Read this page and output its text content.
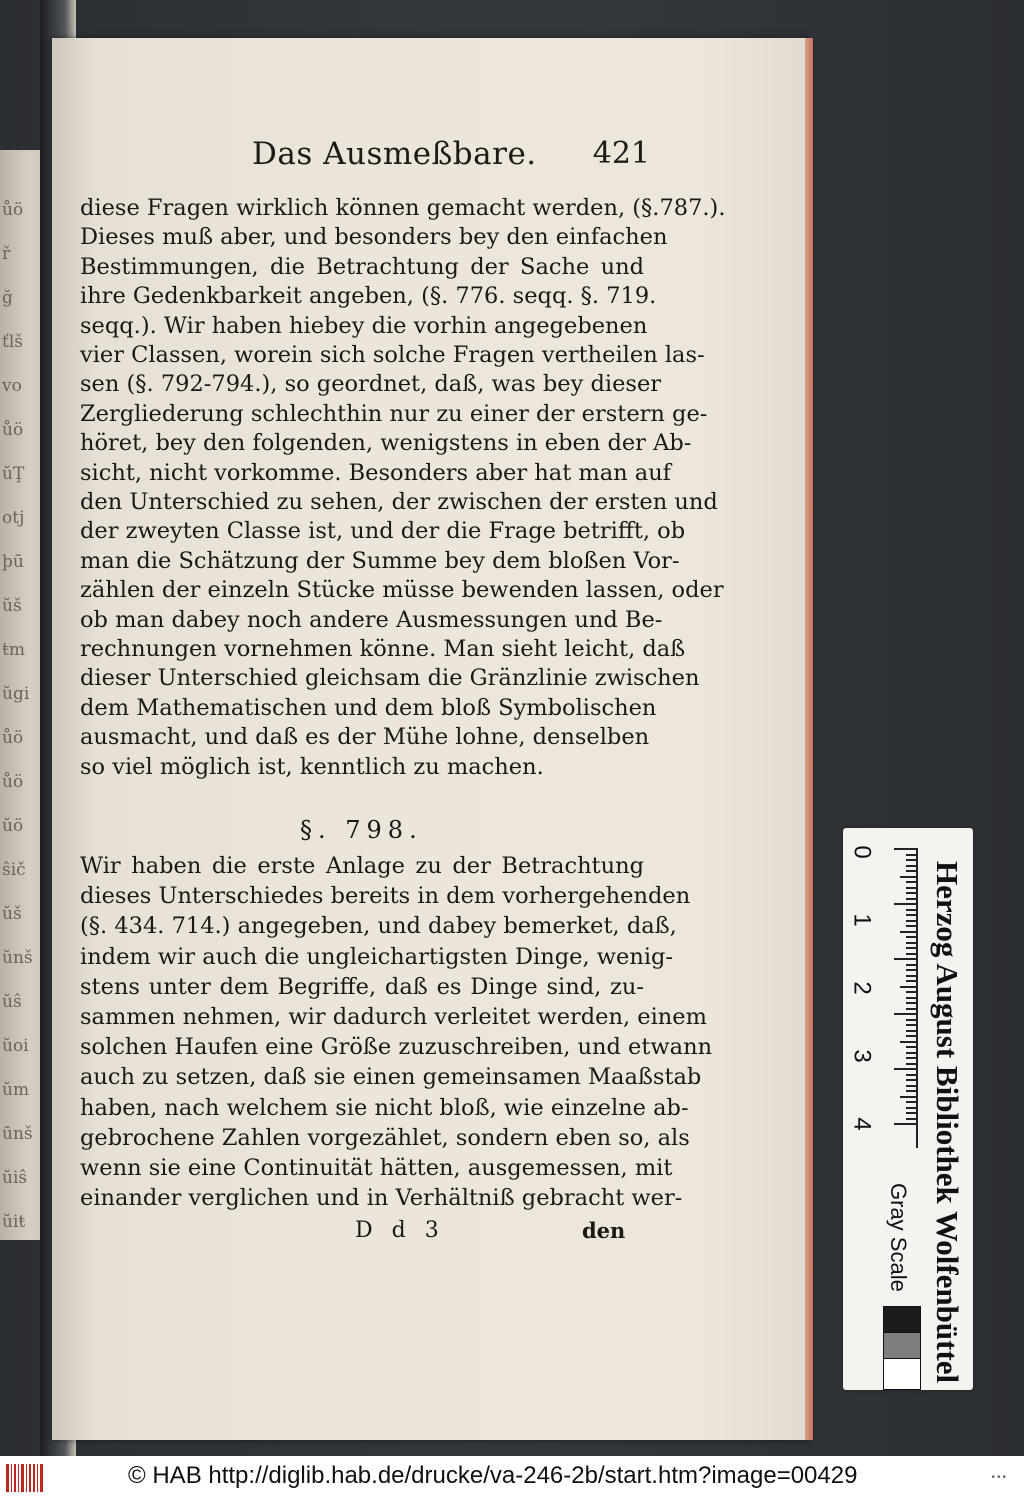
ůö
ř
ğ
ťlš
vo
ůö
ŭŢ
otj
þū
ŭš
ŧm
ŭgi
ůö
ůö
ŭö
ŝič
ŭš
ŭnš
ŭŝ
ŭoi
ŭm
ūnš
ŭiŝ
ŭiŧ
Das Ausmeßbare. 421
diese Fragen wirklich können gemacht werden, (§.787.).
Dieses muß aber, und besonders bey den einfachen
Bestimmungen, die Betrachtung der Sache und
ihre Gedenkbarkeit angeben, (§. 776. seqq. §. 719.
seqq.). Wir haben hiebey die vorhin angegebenen
vier Classen, worein sich solche Fragen vertheilen las-
sen (§. 792-794.), so geordnet, daß, was bey dieser
Zergliederung schlechthin nur zu einer der erstern ge-
höret, bey den folgenden, wenigstens in eben der Ab-
sicht, nicht vorkomme. Besonders aber hat man auf
den Unterschied zu sehen, der zwischen der ersten und
der zweyten Classe ist, und der die Frage betrifft, ob
man die Schätzung der Summe bey dem bloßen Vor-
zählen der einzeln Stücke müsse bewenden lassen, oder
ob man dabey noch andere Ausmessungen und Be-
rechnungen vornehmen könne. Man sieht leicht, daß
dieser Unterschied gleichsam die Gränzlinie zwischen
dem Mathematischen und dem bloß Symbolischen
ausmacht, und daß es der Mühe lohne, denselben
so viel möglich ist, kenntlich zu machen.
§. 798.
Wir haben die erste Anlage zu der Betrachtung
dieses Unterschiedes bereits in dem vorhergehenden
(§. 434. 714.) angegeben, und dabey bemerket, daß,
indem wir auch die ungleichartigsten Dinge, wenig-
stens unter dem Begriffe, daß es Dinge sind, zu-
sammen nehmen, wir dadurch verleitet werden, einem
solchen Haufen eine Größe zuzuschreiben, und etwann
auch zu setzen, daß sie einen gemeinsamen Maaßstab
haben, nach welchem sie nicht bloß, wie einzelne ab-
gebrochene Zahlen vorgezählet, sondern eben so, als
wenn sie eine Continuität hätten, ausgemessen, mit
einander verglichen und in Verhältniß gebracht wer-
D d 3	den
0
1
2
3
4 Herzog August Bibliothek Wolfenbüttel
Gray Scale
© HAB http://diglib.hab.de/drucke/va-246-2b/start.htm?image=00429	•••
